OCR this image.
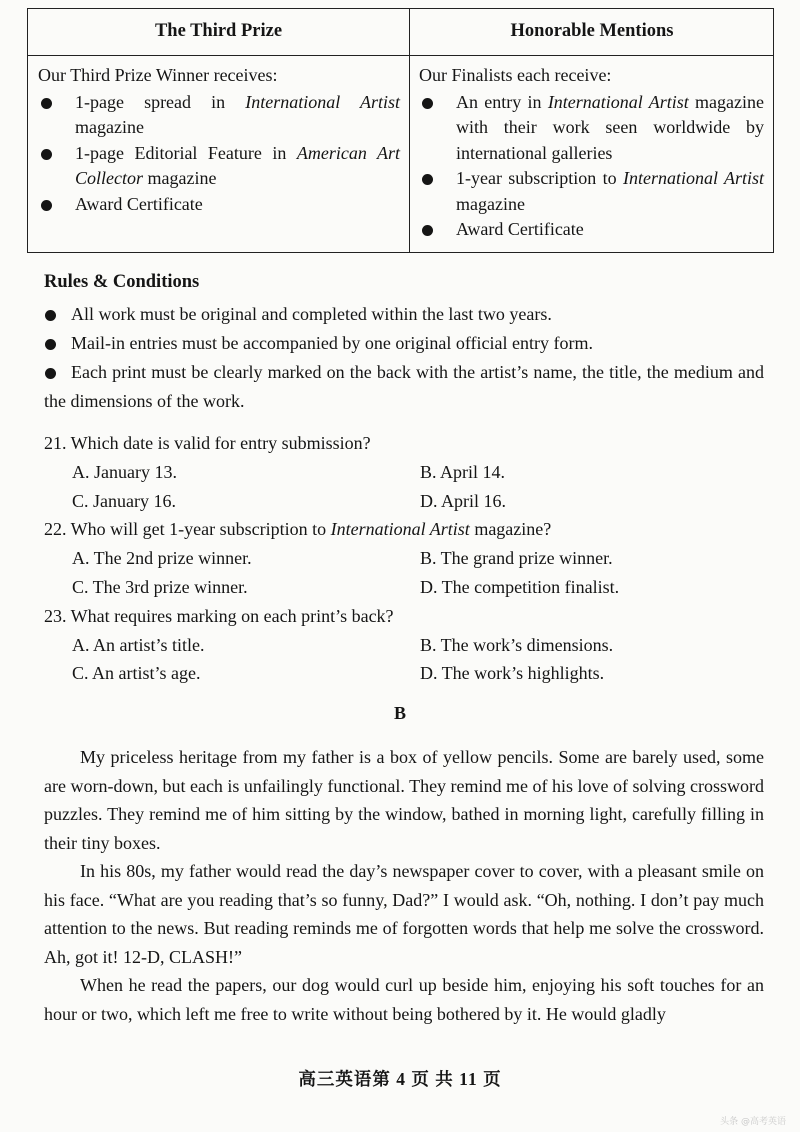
The Third Prize	Honorable Mentions

Our Third Prize Winner receives:

1-page spread in International Artist magazine
1-page Editorial Feature in American Art Collector magazine
Award Certificate

Our Finalists each receive:

An entry in International Artist magazine with their work seen worldwide by international galleries
1-year subscription to International Artist magazine
Award Certificate
Rules & Conditions
All work must be original and completed within the last two years.
Mail-in entries must be accompanied by one original official entry form.
Each print must be clearly marked on the back with the artist’s name, the title, the medium and the dimensions of the work.

21. Which date is valid for entry submission?

A. January 13.	B. April 14.
C. January 16.	D. April 16.

22. Who will get 1-year subscription to International Artist magazine?

A. The 2nd prize winner.	B. The grand prize winner.
C. The 3rd prize winner.	D. The competition finalist.

23. What requires marking on each print’s back?

A. An artist’s title.	B. The work’s dimensions.
C. An artist’s age.	D. The work’s highlights.
B

My priceless heritage from my father is a box of yellow pencils. Some are barely used, some are worn-down, but each is unfailingly functional. They remind me of his love of solving crossword puzzles. They remind me of him sitting by the window, bathed in morning light, carefully filling in their tiny boxes.

In his 80s, my father would read the day’s newspaper cover to cover, with a pleasant smile on his face. “What are you reading that’s so funny, Dad?” I would ask. “Oh, nothing. I don’t pay much attention to the news. But reading reminds me of forgotten words that help me solve the crossword. Ah, got it! 12-D, CLASH!”

When he read the papers, our dog would curl up beside him, enjoying his soft touches for an hour or two, which left me free to write without being bothered by it. He would gladly

高三英语第 4 页 共 11 页
头条 @高考英语
